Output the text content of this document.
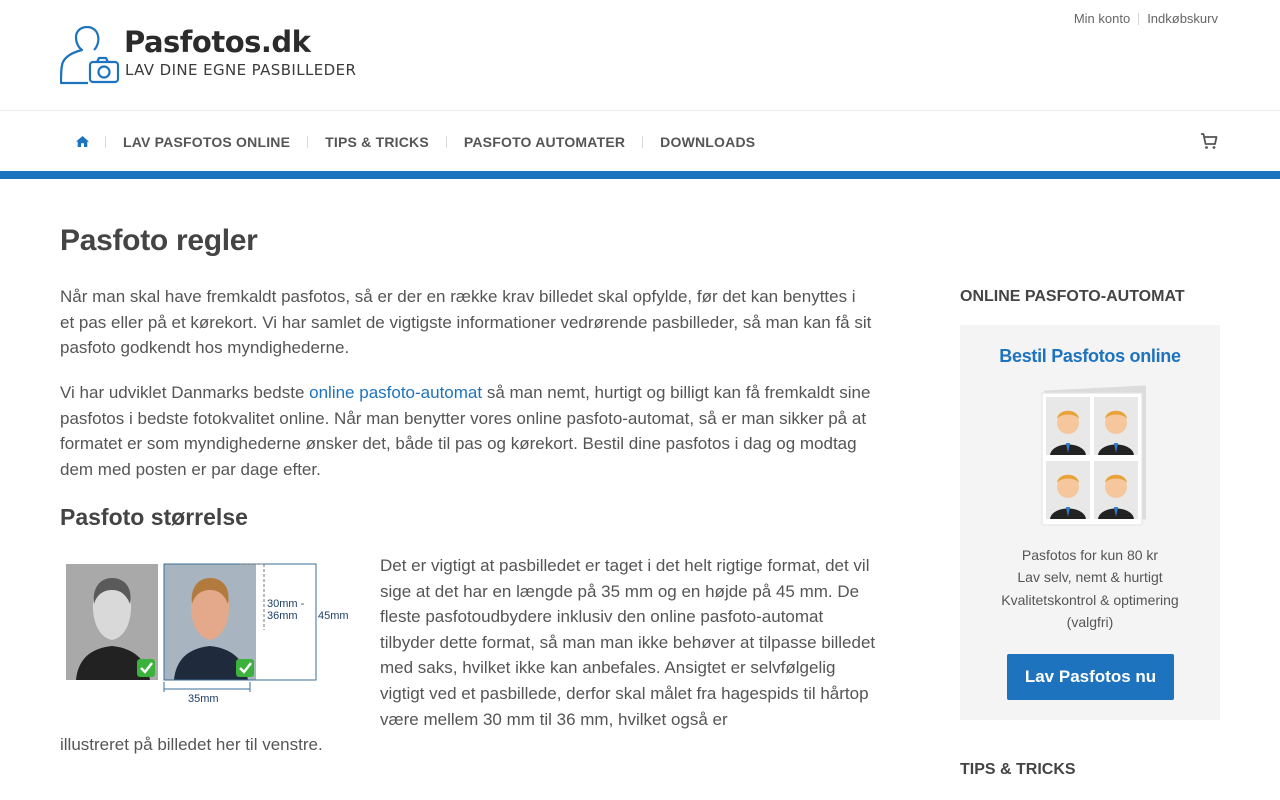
Pasfotos.dk
LAV DINE EGNE PASBILLEDER
Min konto Indkøbskurv
LAV PASFOTOS ONLINE	TIPS & TRICKS	PASFOTO AUTOMATER	DOWNLOADS
Pasfoto regler

Når man skal have fremkaldt pasfotos, så er der en række krav billedet skal opfylde, før det kan benyttes i et pas eller på et kørekort. Vi har samlet de vigtigste informationer vedrørende pasbilleder, så man kan få sit pasfoto godkendt hos myndighederne.

Vi har udviklet Danmarks bedste online pasfoto-automat så man nemt, hurtigt og billigt kan få fremkaldt sine pasfotos i bedste fotokvalitet online. Når man benytter vores online pasfoto-automat, så er man sikker på at formatet er som myndighederne ønsker det, både til pas og kørekort. Bestil dine pasfotos i dag og modtag dem med posten er par dage efter.

Pasfoto størrelse
30mm -
36mm 45mm
35mm

Det er vigtigt at pasbilledet er taget i det helt rigtige format, det vil sige at det har en længde på 35 mm og en højde på 45 mm. De fleste pasfotoudbydere inklusiv den online pasfoto-automat tilbyder dette format, så man man ikke behøver at tilpasse billedet med saks, hvilket ikke kan anbefales. Ansigtet er selvfølgelig vigtigt ved et pasbillede, derfor skal målet fra hagespids til hårtop være mellem 30 mm til 36 mm, hvilket også er

illustreret på billedet her til venstre.

ONLINE PASFOTO-AUTOMAT
Bestil Pasfotos online
Pasfotos for kun 80 kr
Lav selv, nemt & hurtigt
Kvalitetskontrol & optimering
(valgfri)
Lav Pasfotos nu
TIPS & TRICKS
